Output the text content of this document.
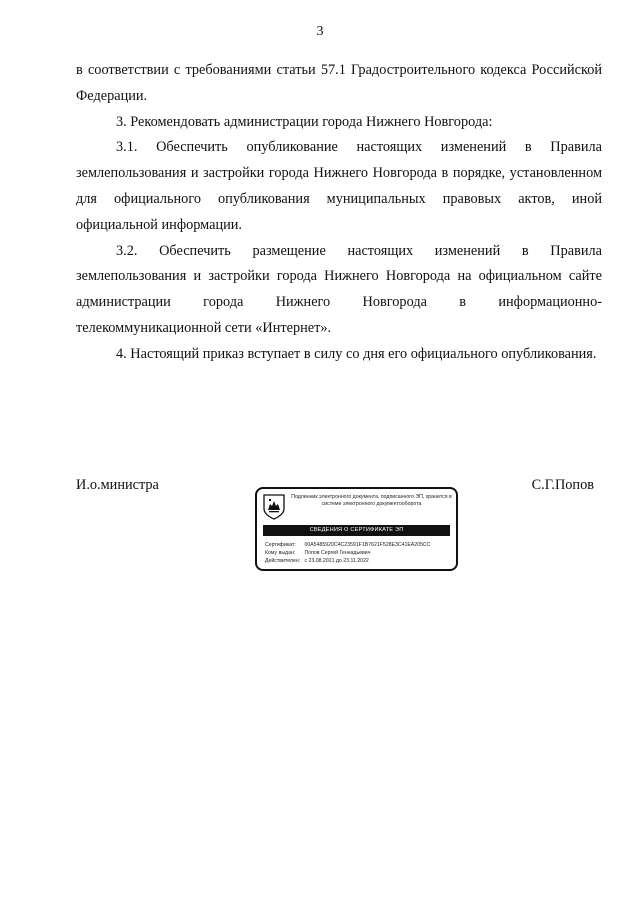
3

в соответствии с требованиями статьи 57.1 Градостроительного кодекса Российской Федерации.

3. Рекомендовать администрации города Нижнего Новгорода:

3.1. Обеспечить опубликование настоящих изменений в Правила землепользования и застройки города Нижнего Новгорода в порядке, установленном для официального опубликования муниципальных правовых актов, иной официальной информации.

3.2. Обеспечить размещение настоящих изменений в Правила землепользования и застройки города Нижнего Новгорода на официальном сайте администрации города Нижнего Новгорода в информационно-телекоммуникационной сети «Интернет».

4. Настоящий приказ вступает в силу со дня его официального опубликования.

И.о.министра	С.Г.Попов
Подлинник электронного документа, подписанного ЭП, хранится в системе электронного документооборота
СВЕДЕНИЯ О СЕРТИФИКАТЕ ЭП
Сертификат: 00A5485920C4C23591F1B7621F528E3C41EA205CC
Кому выдан: Попов Сергей Геннадьевич
Действителен: с 23.08.2021 до 23.11.2022
